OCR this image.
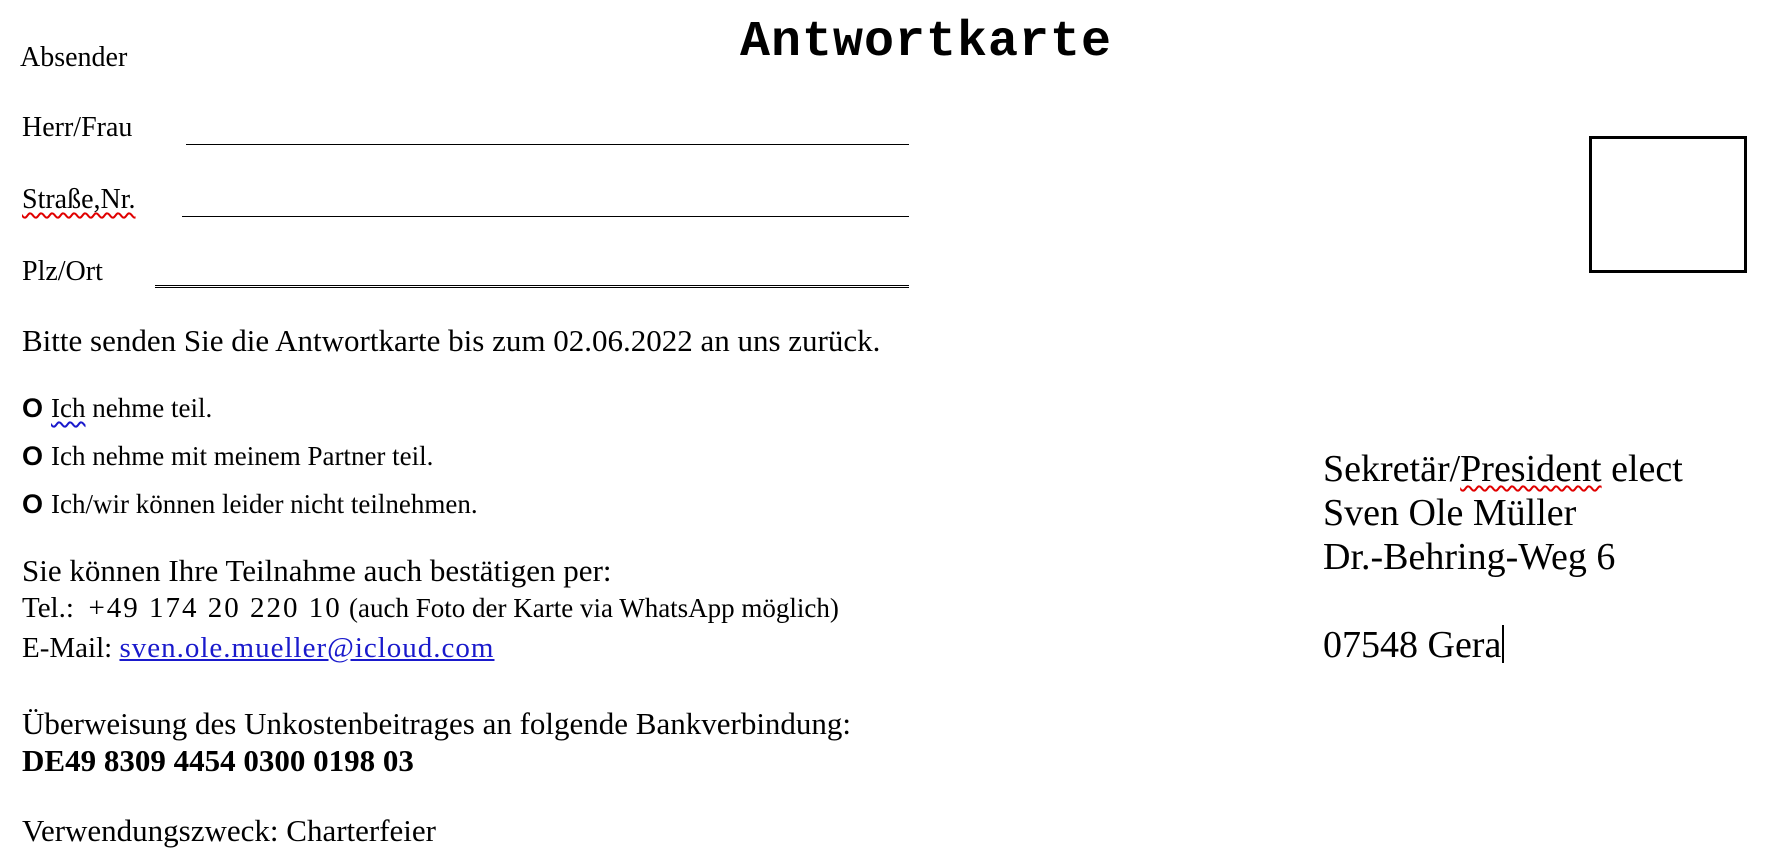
Antwortkarte
Absender
Herr/Frau
Straße,Nr.
Plz/Ort
Bitte senden Sie die Antwortkarte bis zum 02.06.2022 an uns zurück.
O Ich nehme teil.
O Ich nehme mit meinem Partner teil.
O Ich/wir können leider nicht teilnehmen.
Sie können Ihre Teilnahme auch bestätigen per:
Tel.: +49 174 20 220 10 (auch Foto der Karte via WhatsApp möglich)
E-Mail: sven.ole.mueller@icloud.com
Überweisung des Unkostenbeitrages an folgende Bankverbindung:
DE49 8309 4454 0300 0198 03
Verwendungszweck: Charterfeier
Sekretär/President elect
Sven Ole Müller
Dr.-Behring-Weg 6
07548 Gera
